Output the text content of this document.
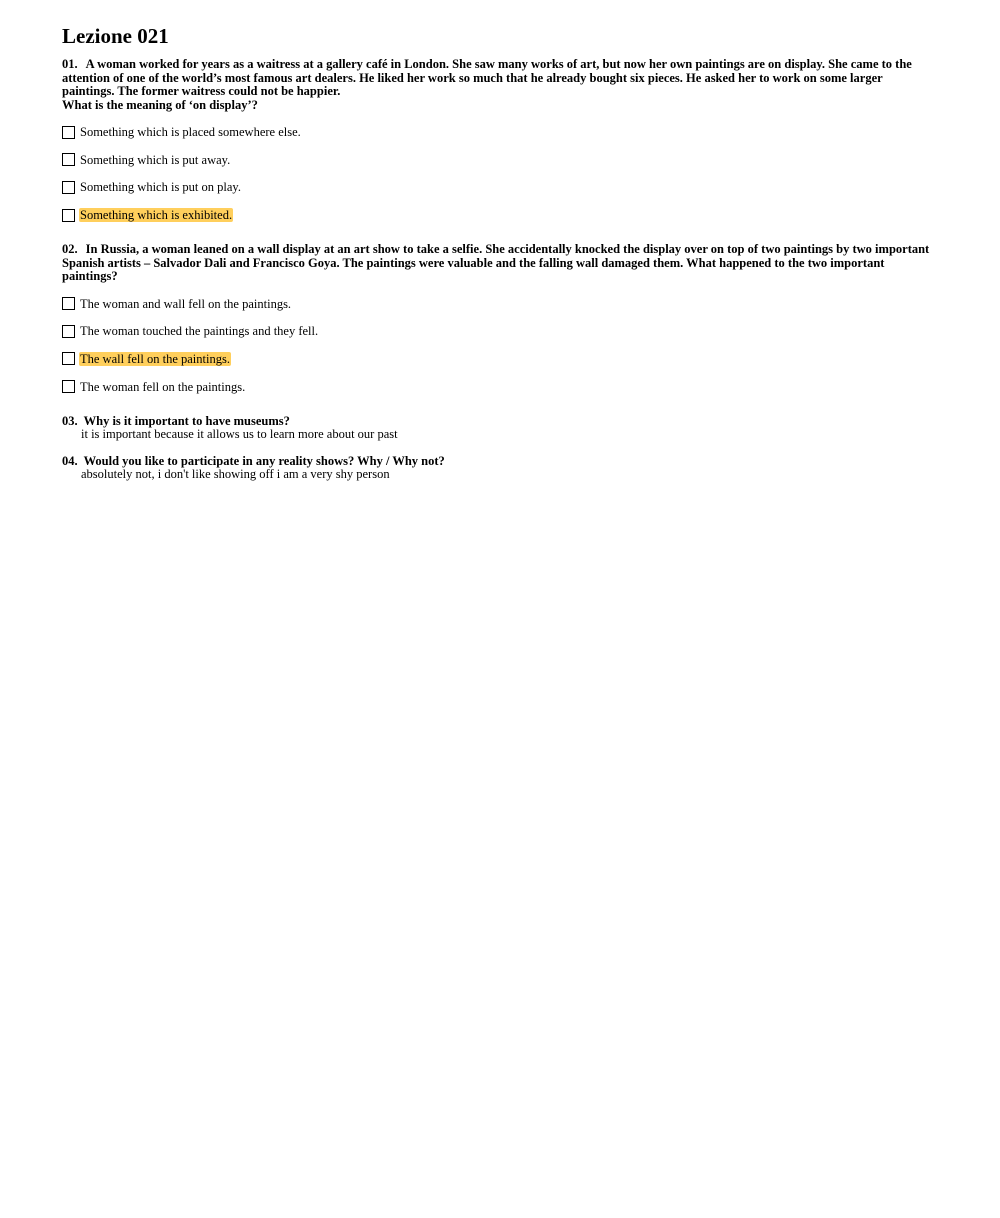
Lezione 021

01. A woman worked for years as a waitress at a gallery café in London. She saw many works of art, but now her own paintings are on display. She came to the attention of one of the world’s most famous art dealers. He liked her work so much that he already bought six pieces. He asked her to work on some larger paintings. The former waitress could not be happier.

What is the meaning of ‘on display’?

Something which is placed somewhere else.
Something which is put away.
Something which is put on play.
Something which is exhibited.

02. In Russia, a woman leaned on a wall display at an art show to take a selfie. She accidentally knocked the display over on top of two paintings by two important Spanish artists – Salvador Dali and Francisco Goya. The paintings were valuable and the falling wall damaged them. What happened to the two important paintings?

The woman and wall fell on the paintings.
The woman touched the paintings and they fell.
The wall fell on the paintings.
The woman fell on the paintings.

03. Why is it important to have museums?

it is important because it allows us to learn more about our past

04. Would you like to participate in any reality shows? Why / Why not?

absolutely not, i don't like showing off i am a very shy person
